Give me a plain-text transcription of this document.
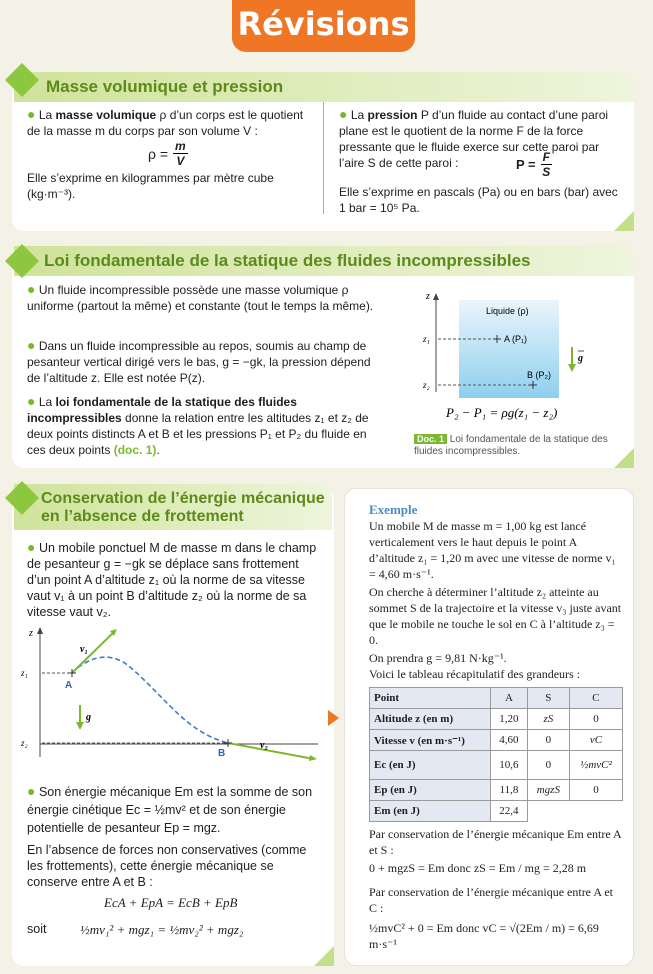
Révisions
Masse volumique et pression
● La masse volumique ρ d’un corps est le quotient de la masse m du corps par son volume V :
$\rho = \frac{m}{V}$
Elle s’exprime en kilogrammes par mètre cube (kg·m⁻³).
● La pression P d’un fluide au contact d’une paroi plane est le quotient de la norme F de la force pressante que le fluide exerce sur cette paroi par l’aire S de cette paroi :	$P = \frac{F}{S}$
Elle s’exprime en pascals (Pa) ou en bars (bar) avec 1 bar = 10⁵ Pa.
Loi fondamentale de la statique des fluides incompressibles
● Un fluide incompressible possède une masse volumique ρ uniforme (partout la même) et constante (tout le temps la même).
● Dans un fluide incompressible au repos, soumis au champ de pesanteur vertical dirigé vers le bas, g = −gk, la pression dépend de l’altitude z. Elle est notée P(z).
● La loi fondamentale de la statique des fluides incompressibles donne la relation entre les altitudes z₁ et z₂ de deux points distincts A et B et les pressions P₁ et P₂ du fluide en ces deux points (doc. 1).
z
Liquide (ρ)
z₁
z₂
A (P₁)
B (P₂)
g
P₂ − P₁ = ρg(z₁ − z₂)
Doc. 1 Loi fondamentale de la statique des fluides incompressibles.
Conservation de l’énergie mécanique
en l’absence de frottement
● Un mobile ponctuel M de masse m dans le champ de pesanteur g = −gk se déplace sans frottement d’un point A d’altitude z₁ où la norme de sa vitesse vaut v₁ à un point B d’altitude z₂ où la norme de sa vitesse vaut v₂.
z
z₁
z₂
A
B
v₁
v₂
g
● Son énergie mécanique Em est la somme de son énergie cinétique Ec = ½mv² et de son énergie potentielle de pesanteur Ep = mgz.
En l’absence de forces non conservatives (comme les frottements), cette énergie mécanique se conserve entre A et B :
EcA + EpA = EcB + EpB
soit	½mv₁² + mgz₁ = ½mv₂² + mgz₂
Exemple
Un mobile M de masse m = 1,00 kg est lancé verticalement vers le haut depuis le point A d’altitude z₁ = 1,20 m avec une vitesse de norme v₁ = 4,60 m·s⁻¹.
On cherche à déterminer l’altitude z₂ atteinte au sommet S de la trajectoire et la vitesse v₃ juste avant que le mobile ne touche le sol en C à l’altitude z₃ = 0.
On prendra g = 9,81 N·kg⁻¹.
Voici le tableau récapitulatif des grandeurs :
Point	A	S	C
Altitude z (en m)	1,20	zS	0
Vitesse v (en m·s⁻¹)	4,60	0	vC
Ec (en J)	10,6	0	½mvC²
Ep (en J)	11,8	mgzS	0
Em (en J)	22,4		
Par conservation de l’énergie mécanique Em entre A et S :
0 + mgzS = Em donc zS = Em / mg = 2,28 m
Par conservation de l’énergie mécanique entre A et C :
½mvC² + 0 = Em donc vC = √(2Em / m) = 6,69 m·s⁻¹
